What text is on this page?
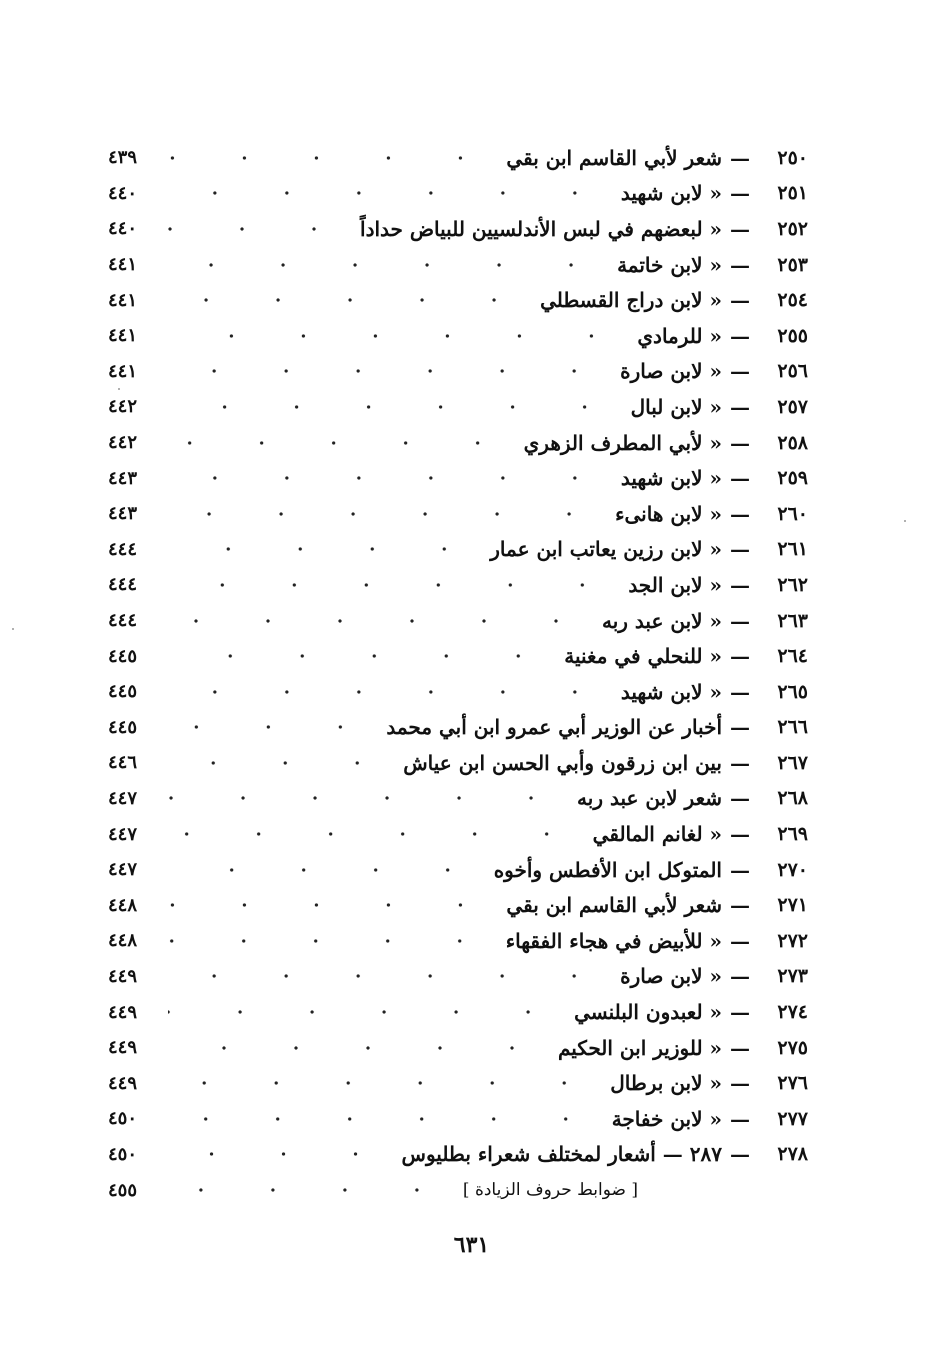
٢٥٠
—
شعر لأبي القاسم ابن بقي
٤٣٩
٢٥١
—
« لابن شهيد
٤٤٠
٢٥٢
—
« لبعضهم في لبس الأندلسيين للبياض حداداً
٤٤٠
٢٥٣
—
« لابن خاتمة
٤٤١
٢٥٤
—
« لابن دراج القسطلي
٤٤١
٢٥٥
—
« للرمادي
٤٤١
٢٥٦
—
« لابن صارة
٤٤١
٢٥٧
—
« لابن لبال
٤٤٢
٢٥٨
—
« لأبي المطرف الزهري
٤٤٢
٢٥٩
—
« لابن شهيد
٤٤٣
٢٦٠
—
« لابن هانىء
٤٤٣
٢٦١
—
« لابن رزين يعاتب ابن عمار
٤٤٤
٢٦٢
—
« لابن الجد
٤٤٤
٢٦٣
—
« لابن عبد ربه
٤٤٤
٢٦٤
—
« للنحلي في مغنية
٤٤٥
٢٦٥
—
« لابن شهيد
٤٤٥
٢٦٦
—
أخبار عن الوزير أبي عمرو ابن أبي محمد
٤٤٥
٢٦٧
—
بين ابن زرقون وأبي الحسن ابن عياش
٤٤٦
٢٦٨
—
شعر لابن عبد ربه
٤٤٧
٢٦٩
—
« لغانم المالقي
٤٤٧
٢٧٠
—
المتوكل ابن الأفطس وأخوه
٤٤٧
٢٧١
—
شعر لأبي القاسم ابن بقي
٤٤٨
٢٧٢
—
« للأبيض في هجاء الفقهاء
٤٤٨
٢٧٣
—
« لابن صارة
٤٤٩
٢٧٤
—
« لعبدون البلنسي
٤٤٩
٢٧٥
—
« للوزير ابن الحكيم
٤٤٩
٢٧٦
—
« لابن برطال
٤٤٩
٢٧٧
—
« لابن خفاجة
٤٥٠
٢٧٨
—
٢٨٧ — أشعار لمختلف شعراء بطليوس
٤٥٠
[ ضوابط حروف الزيادة ]
٤٥٥
٦٣١
